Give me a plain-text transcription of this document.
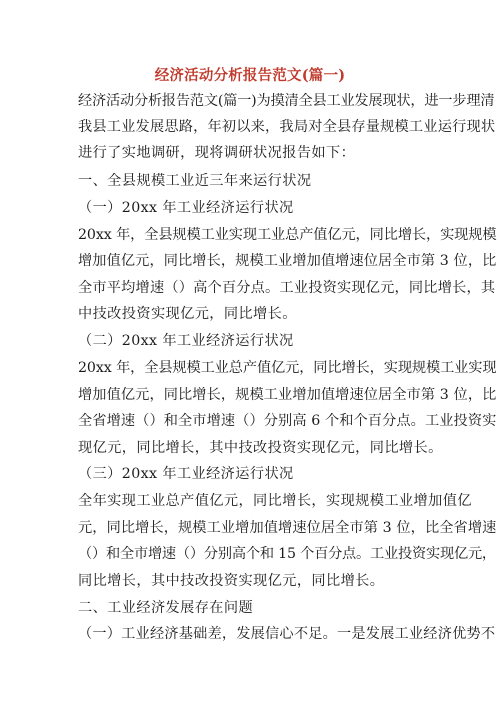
经济活动分析报告范文(篇一)
经济活动分析报告范文(篇一)为摸清全县工业发展现状，进一步理清
我县工业发展思路，年初以来，我局对全县存量规模工业运行现状
进行了实地调研，现将调研状况报告如下：
一、全县规模工业近三年来运行状况
（一）20xx 年工业经济运行状况
20xx 年，全县规模工业实现工业总产值亿元，同比增长，实现规模
增加值亿元，同比增长，规模工业增加值增速位居全市第 3 位，比
全市平均增速（）高个百分点。工业投资实现亿元，同比增长，其
中技改投资实现亿元，同比增长。
（二）20xx 年工业经济运行状况
20xx 年，全县规模工业总产值亿元，同比增长，实现规模工业实现
增加值亿元，同比增长，规模工业增加值增速位居全市第 3 位，比
全省增速（）和全市增速（）分别高 6 个和个百分点。工业投资实
现亿元，同比增长，其中技改投资实现亿元，同比增长。
（三）20xx 年工业经济运行状况
全年实现工业总产值亿元，同比增长，实现规模工业增加值亿
元，同比增长，规模工业增加值增速位居全市第 3 位，比全省增速
（）和全市增速（）分别高个和 15 个百分点。工业投资实现亿元，
同比增长，其中技改投资实现亿元，同比增长。
二、工业经济发展存在问题
（一）工业经济基础差，发展信心不足。一是发展工业经济优势不
